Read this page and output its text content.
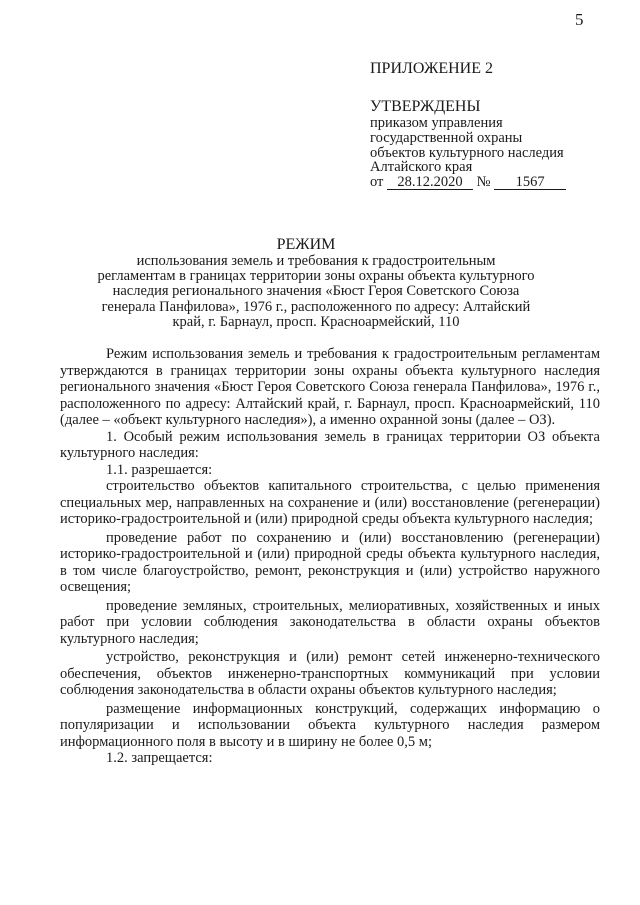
5
ПРИЛОЖЕНИЕ 2
УТВЕРЖДЕНЫ
приказом управления
государственной охраны
объектов культурного наследия
Алтайского края
от 28.12.2020 № 1567
РЕЖИМ
использования земель и требования к градостроительным регламентам в границах территории зоны охраны объекта культурного наследия регионального значения «Бюст Героя Советского Союза генерала Панфилова», 1976 г., расположенного по адресу: Алтайский край, г. Барнаул, просп. Красноармейский, 110

Режим использования земель и требования к градостроительным регламентам утверждаются в границах территории зоны охраны объекта культурного наследия регионального значения «Бюст Героя Советского Союза генерала Панфилова», 1976 г., расположенного по адресу: Алтайский край, г. Барнаул, просп. Красноармейский, 110 (далее – «объект культурного наследия»), а именно охранной зоны (далее – ОЗ).

1. Особый режим использования земель в границах территории ОЗ объекта культурного наследия:

1.1. разрешается:

строительство объектов капитального строительства, с целью применения специальных мер, направленных на сохранение и (или) восстановление (регенерации) историко-градостроительной и (или) природной среды объекта культурного наследия;

проведение работ по сохранению и (или) восстановлению (регенерации) историко-градостроительной и (или) природной среды объекта культурного наследия, в том числе благоустройство, ремонт, реконструкция и (или) устройство наружного освещения;

проведение земляных, строительных, мелиоративных, хозяйственных и иных работ при условии соблюдения законодательства в области охраны объектов культурного наследия;

устройство, реконструкция и (или) ремонт сетей инженерно-технического обеспечения, объектов инженерно-транспортных коммуникаций при условии соблюдения законодательства в области охраны объектов культурного наследия;

размещение информационных конструкций, содержащих информацию о популяризации и использовании объекта культурного наследия размером информационного поля в высоту и в ширину не более 0,5 м;

1.2. запрещается:
